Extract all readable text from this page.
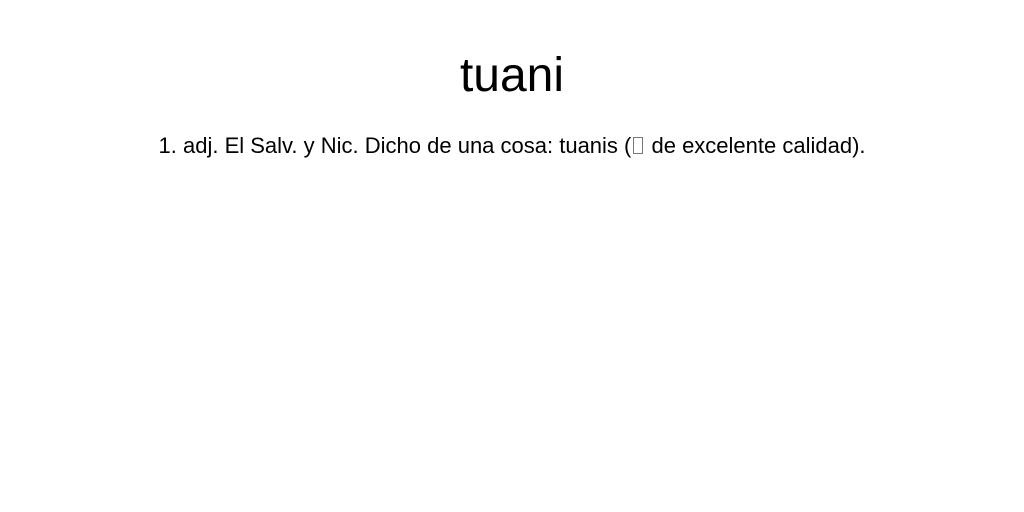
tuani

1. adj. El Salv. y Nic. Dicho de una cosa: tuanis ( de excelente calidad).
